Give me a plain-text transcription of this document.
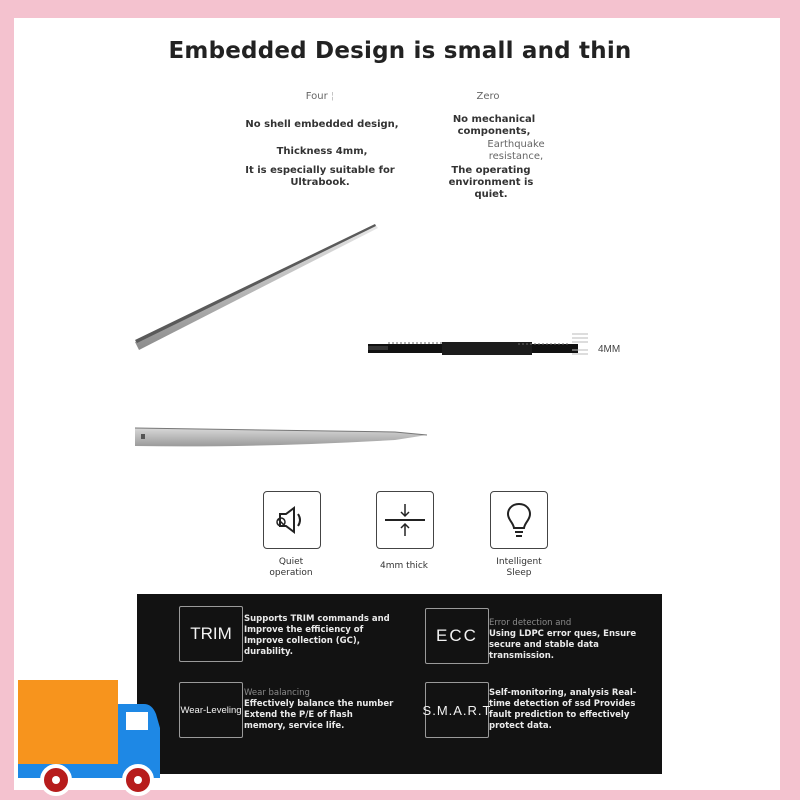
Embedded Design is small and thin
Four ¦
No shell embedded design,
Thickness 4mm,
It is especially suitable for Ultrabook.
Zero
No mechanical components,
Earthquake resistance,
The operating environment is quiet.
4MM
Quiet operation
4mm thick	Intelligent Sleep
TRIM
Supports TRIM commands and Improve the efficiency of Improve collection (GC), durability.
ECC
Error detection and
Using LDPC error ques, Ensure secure and stable data transmission.
Wear-Leveling
Wear balancing
Effectively balance the number Extend the P/E of flash memory, service life.
S.M.A.R.T
Self-monitoring, analysis Real-time detection of ssd Provides fault prediction to effectively protect data.
